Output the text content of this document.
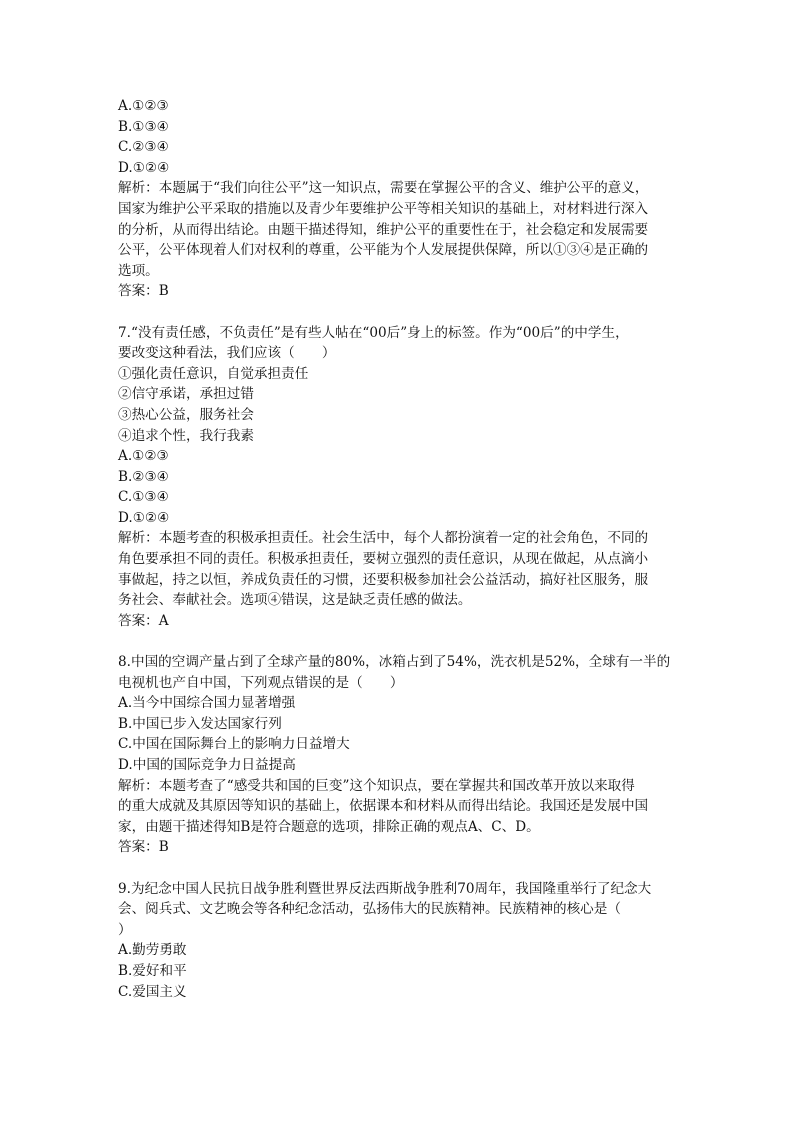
A.①②③
B.①③④
C.②③④
D.①②④
解析：本题属于“我们向往公平”这一知识点，需要在掌握公平的含义、维护公平的意义，
国家为维护公平采取的措施以及青少年要维护公平等相关知识的基础上，对材料进行深入
的分析，从而得出结论。由题干描述得知，维护公平的重要性在于，社会稳定和发展需要
公平，公平体现着人们对权利的尊重，公平能为个人发展提供保障，所以①③④是正确的
选项。
答案：B
7.“没有责任感，不负责任”是有些人帖在“00后”身上的标签。作为“00后”的中学生，
要改变这种看法，我们应该（　　）
①强化责任意识，自觉承担责任
②信守承诺，承担过错
③热心公益，服务社会
④追求个性，我行我素
A.①②③
B.②③④
C.①③④
D.①②④
解析：本题考查的积极承担责任。社会生活中，每个人都扮演着一定的社会角色，不同的
角色要承担不同的责任。积极承担责任，要树立强烈的责任意识，从现在做起，从点滴小
事做起，持之以恒，养成负责任的习惯，还要积极参加社会公益活动，搞好社区服务，服
务社会、奉献社会。选项④错误，这是缺乏责任感的做法。
答案：A
8.中国的空调产量占到了全球产量的80%，冰箱占到了54%，洗衣机是52%，全球有一半的
电视机也产自中国，下列观点错误的是（　　）
A.当今中国综合国力显著增强
B.中国已步入发达国家行列
C.中国在国际舞台上的影响力日益增大
D.中国的国际竞争力日益提高
解析：本题考查了“感受共和国的巨变”这个知识点，要在掌握共和国改革开放以来取得
的重大成就及其原因等知识的基础上，依据课本和材料从而得出结论。我国还是发展中国
家，由题干描述得知B是符合题意的选项，排除正确的观点A、C、D。
答案：B
9.为纪念中国人民抗日战争胜利暨世界反法西斯战争胜利70周年，我国隆重举行了纪念大
会、阅兵式、文艺晚会等各种纪念活动，弘扬伟大的民族精神。民族精神的核心是（
）
A.勤劳勇敢
B.爱好和平
C.爱国主义
